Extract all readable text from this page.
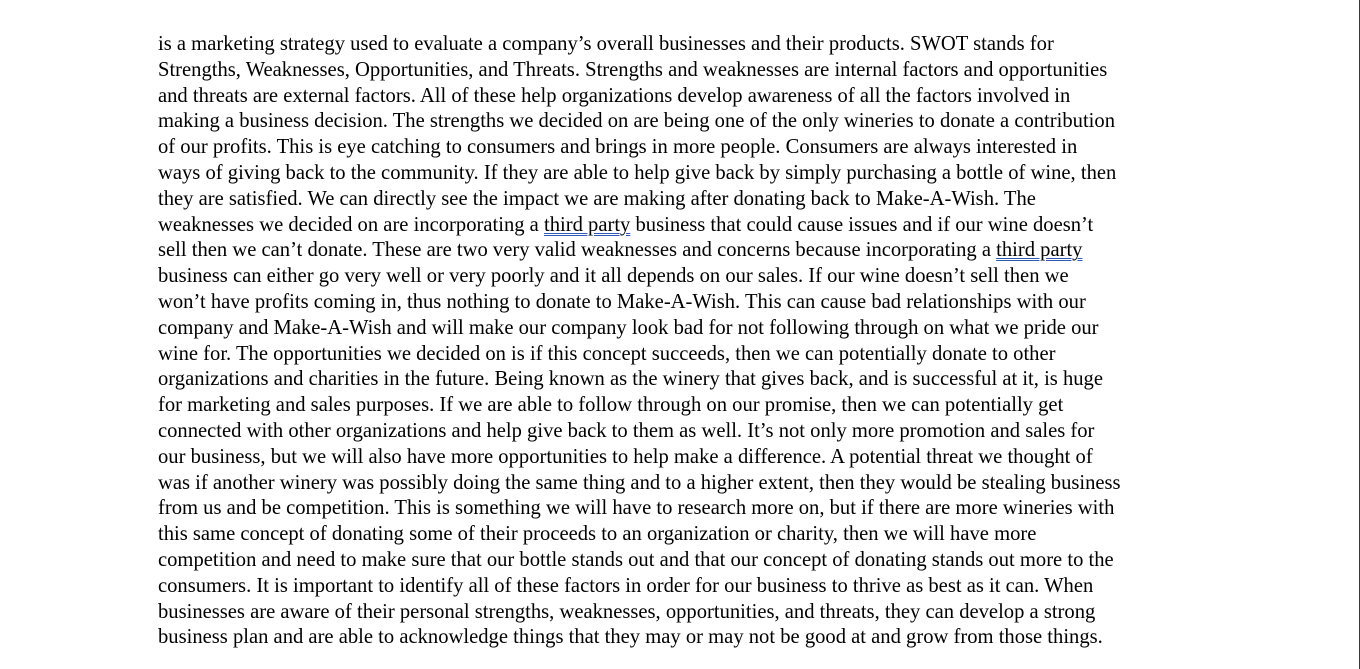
is a marketing strategy used to evaluate a company’s overall businesses and their products. SWOT stands for
Strengths, Weaknesses, Opportunities, and Threats. Strengths and weaknesses are internal factors and opportunities
and threats are external factors. All of these help organizations develop awareness of all the factors involved in
making a business decision. The strengths we decided on are being one of the only wineries to donate a contribution
of our profits. This is eye catching to consumers and brings in more people. Consumers are always interested in
ways of giving back to the community. If they are able to help give back by simply purchasing a bottle of wine, then
they are satisfied. We can directly see the impact we are making after donating back to Make-A-Wish. The
weaknesses we decided on are incorporating a third party business that could cause issues and if our wine doesn’t
sell then we can’t donate. These are two very valid weaknesses and concerns because incorporating a third party
business can either go very well or very poorly and it all depends on our sales. If our wine doesn’t sell then we
won’t have profits coming in, thus nothing to donate to Make-A-Wish. This can cause bad relationships with our
company and Make-A-Wish and will make our company look bad for not following through on what we pride our
wine for. The opportunities we decided on is if this concept succeeds, then we can potentially donate to other
organizations and charities in the future. Being known as the winery that gives back, and is successful at it, is huge
for marketing and sales purposes. If we are able to follow through on our promise, then we can potentially get
connected with other organizations and help give back to them as well. It’s not only more promotion and sales for
our business, but we will also have more opportunities to help make a difference. A potential threat we thought of
was if another winery was possibly doing the same thing and to a higher extent, then they would be stealing business
from us and be competition. This is something we will have to research more on, but if there are more wineries with
this same concept of donating some of their proceeds to an organization or charity, then we will have more
competition and need to make sure that our bottle stands out and that our concept of donating stands out more to the
consumers. It is important to identify all of these factors in order for our business to thrive as best as it can. When
businesses are aware of their personal strengths, weaknesses, opportunities, and threats, they can develop a strong
business plan and are able to acknowledge things that they may or may not be good at and grow from those things.
